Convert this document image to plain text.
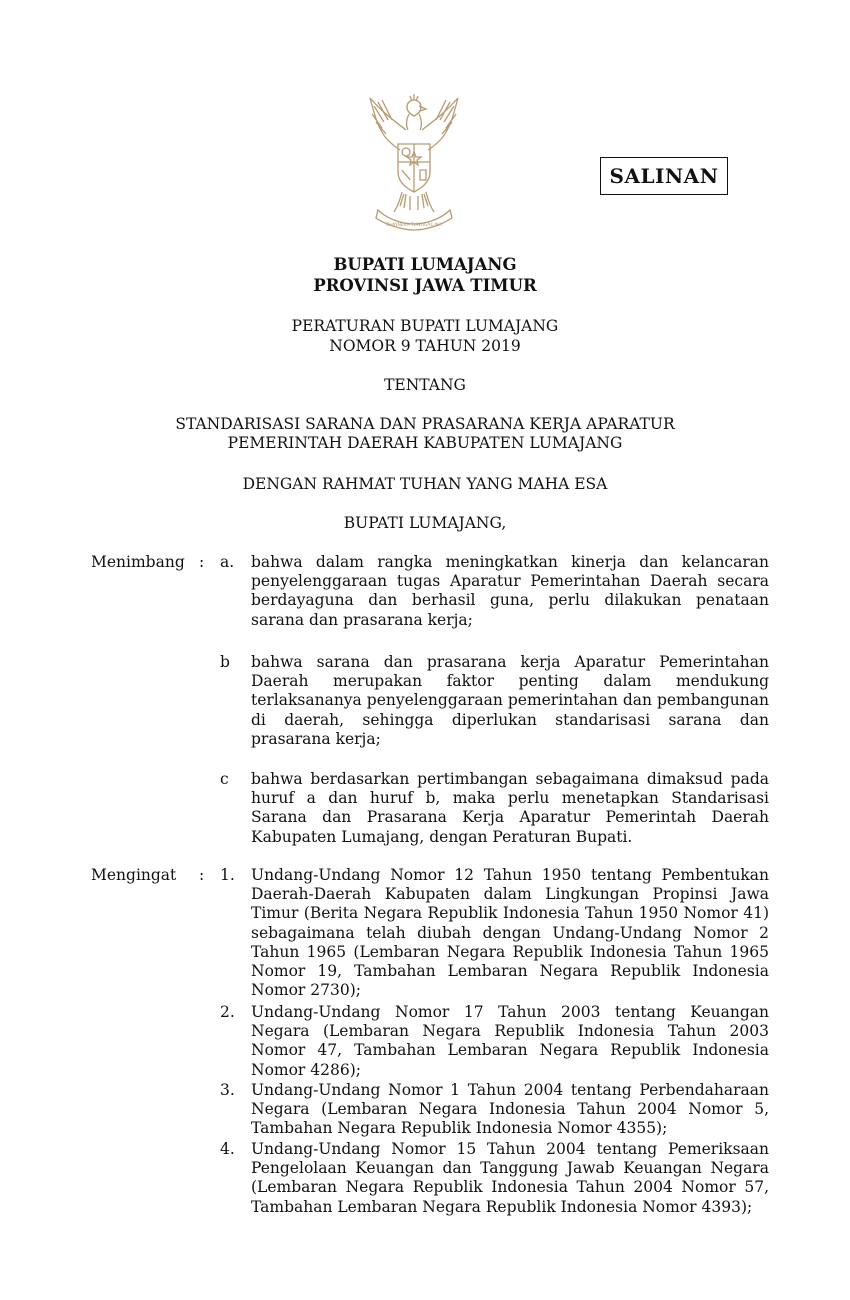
BHINNEKA TUNGGAL IKA
SALINAN
BUPATI LUMAJANG
PROVINSI JAWA TIMUR
PERATURAN BUPATI LUMAJANG
NOMOR 9 TAHUN 2019
TENTANG
STANDARISASI SARANA DAN PRASARANA KERJA APARATUR
PEMERINTAH DAERAH KABUPATEN LUMAJANG
DENGAN RAHMAT TUHAN YANG MAHA ESA
BUPATI LUMAJANG,
Menimbang : a. bahwa dalam rangka meningkatkan kinerja dan kelancaran penyelenggaraan tugas Aparatur Pemerintahan Daerah secara berdayaguna dan berhasil guna, perlu dilakukan penataan sarana dan prasarana kerja;
b bahwa sarana dan prasarana kerja Aparatur Pemerintahan Daerah merupakan faktor penting dalam mendukung terlaksananya penyelenggaraan pemerintahan dan pembangunan di daerah, sehingga diperlukan standarisasi sarana dan prasarana kerja;
c bahwa berdasarkan pertimbangan sebagaimana dimaksud pada huruf a dan huruf b, maka perlu menetapkan Standarisasi Sarana dan Prasarana Kerja Aparatur Pemerintah Daerah Kabupaten Lumajang, dengan Peraturan Bupati.
Mengingat : 1. Undang-Undang Nomor 12 Tahun 1950 tentang Pembentukan Daerah-Daerah Kabupaten dalam Lingkungan Propinsi Jawa Timur (Berita Negara Republik Indonesia Tahun 1950 Nomor 41) sebagaimana telah diubah dengan Undang-Undang Nomor 2 Tahun 1965 (Lembaran Negara Republik Indonesia Tahun 1965 Nomor 19, Tambahan Lembaran Negara Republik Indonesia Nomor 2730);
2. Undang-Undang Nomor 17 Tahun 2003 tentang Keuangan Negara (Lembaran Negara Republik Indonesia Tahun 2003 Nomor 47, Tambahan Lembaran Negara Republik Indonesia Nomor 4286);
3. Undang-Undang Nomor 1 Tahun 2004 tentang Perbendaharaan Negara (Lembaran Negara Indonesia Tahun 2004 Nomor 5, Tambahan Negara Republik Indonesia Nomor 4355);
4. Undang-Undang Nomor 15 Tahun 2004 tentang Pemeriksaan Pengelolaan Keuangan dan Tanggung Jawab Keuangan Negara (Lembaran Negara Republik Indonesia Tahun 2004 Nomor 57, Tambahan Lembaran Negara Republik Indonesia Nomor 4393);
